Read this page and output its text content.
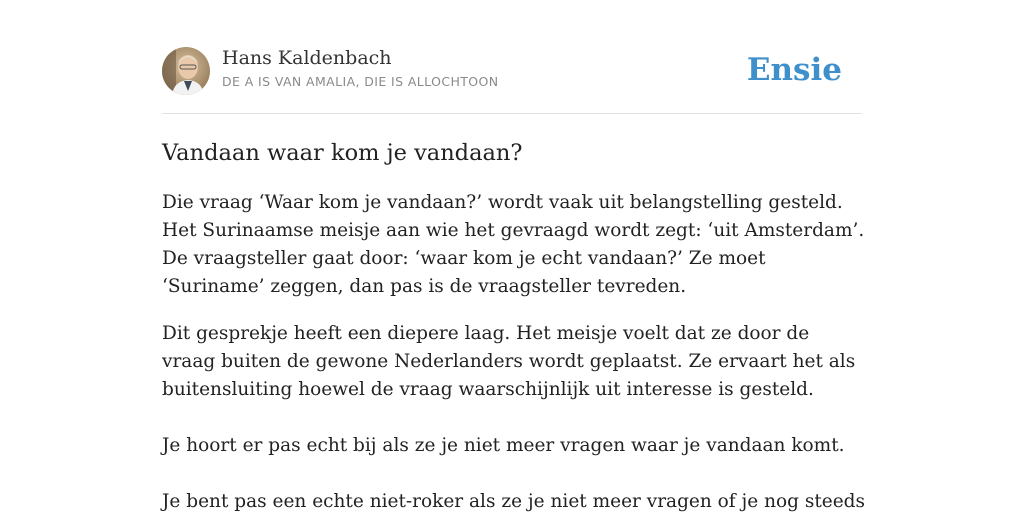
Hans Kaldenbach
DE A IS VAN AMALIA, DIE IS ALLOCHTOON	Ensie
Vandaan waar kom je vandaan?

Die vraag ‘Waar kom je vandaan?’ wordt vaak uit belangstelling gesteld. Het Surinaamse meisje aan wie het gevraagd wordt zegt: ‘uit Amsterdam’. De vraagsteller gaat door: ‘waar kom je echt vandaan?’ Ze moet ‘Suriname’ zeggen, dan pas is de vraagsteller tevreden.

Dit gesprekje heeft een diepere laag. Het meisje voelt dat ze door de vraag buiten de gewone Nederlanders wordt geplaatst. Ze ervaart het als buitensluiting hoewel de vraag waarschijnlijk uit interesse is gesteld.

Je hoort er pas echt bij als ze je niet meer vragen waar je vandaan komt.

Je bent pas een echte niet-roker als ze je niet meer vragen of je nog steeds
